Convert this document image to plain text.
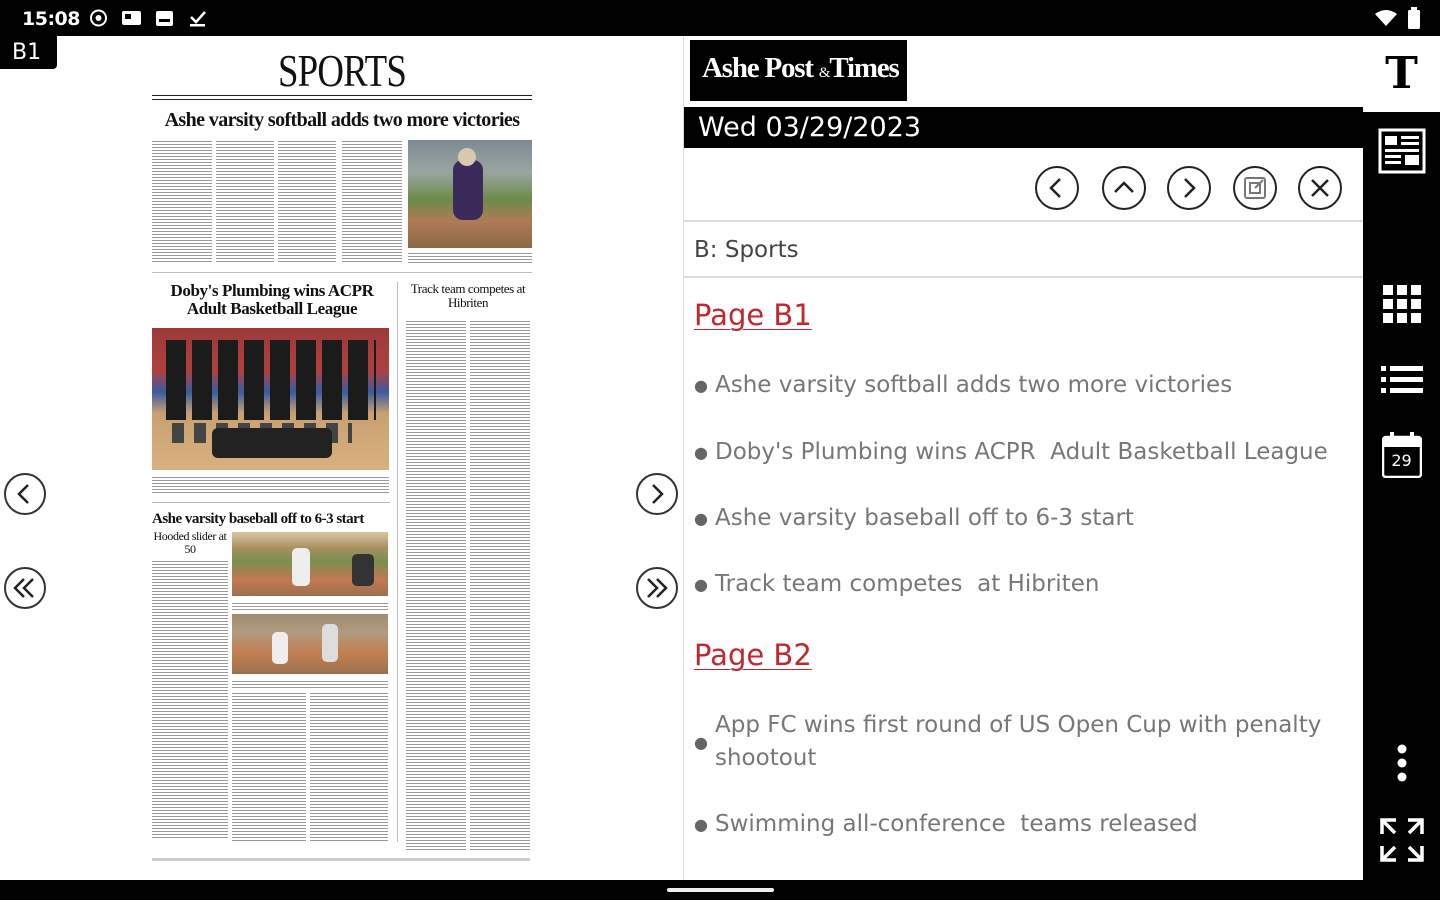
15:08
B1	SPORTS
Ashe varsity softball adds two more victories
Doby's Plumbing wins ACPR Adult Basketball League
Track team competes at Hibriten
Ashe varsity baseball off to 6-3 start
Hooded slider at 50
Ashe Post &Times
Wed 03/29/2023
B: Sports
Page B1
● Ashe varsity softball adds two more victories
● Doby's Plumbing wins ACPR  Adult Basketball League
● Ashe varsity baseball off to 6-3 start
● Track team competes  at Hibriten
Page B2
●
App FC wins first round of US Open Cup with penalty shootout
● Swimming all-conference  teams released
T
29
